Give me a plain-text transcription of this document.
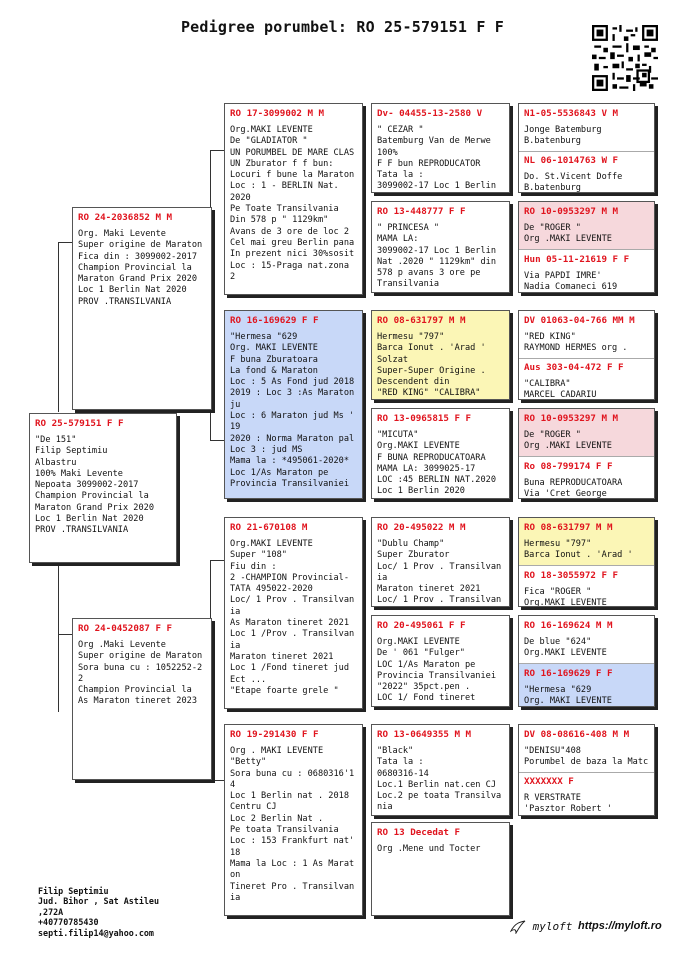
Pedigree porumbel: RO 25-579151 F F
RO 25-579151 F F
"De 151"
Filip Septimiu
Albastru
100% Maki Levente
Nepoata 3099002-2017
Champion Provincial la
Maraton Grand Prix 2020
Loc 1 Berlin Nat 2020
PROV .TRANSILVANIA
RO 24-2036852 M M
Org. Maki Levente
Super origine de Maraton
Fica din : 3099002-2017
Champion Provincial la
Maraton Grand Prix 2020
Loc 1 Berlin Nat 2020
PROV .TRANSILVANIA
RO 24-0452087 F F
Org .Maki Levente
Super origine de Maraton
Sora buna cu : 1052252-2
2
Champion Provincial la
As Maraton tineret 2023
RO 17-3099002 M M
Org.MAKI LEVENTE
De "GLADIATOR "
UN PORUMBEL DE MARE CLAS
UN Zburator f f bun:
Locuri f bune la Maraton
Loc : 1 - BERLIN Nat.
2020
Pe Toate Transilvania
Din 578 p " 1129km"
Avans de 3 ore de loc 2
Cel mai greu Berlin pana
In prezent nici 30%sosit
Loc : 15-Praga nat.zona
2
RO 16-169629 F F
"Hermesa "629
Org. MAKI LEVENTE
F buna Zburatoara
La fond & Maraton
Loc : 5 As Fond jud 2018
2019 : Loc 3 :As Maraton
ju
Loc : 6 Maraton jud Ms '
19
2020 : Norma Maraton pal
Loc 3 : jud MS
Mama la : *495061-2020*
Loc 1/As Maraton pe
Provincia Transilvaniei
RO 21-670108 M
Org.MAKI LEVENTE
Super "108"
Fiu din :
2 -CHAMPION Provincial-
TATA 495022-2020
Loc/ 1 Prov . Transilvan
ia
As Maraton tineret 2021
Loc 1 /Prov . Transilvan
ia
Maraton tineret 2021
Loc 1 /Fond tineret jud
Ect ...
"Etape foarte grele "
RO 19-291430 F F
Org . MAKI LEVENTE
"Betty"
Sora buna cu : 0680316'1
4
Loc 1 Berlin nat . 2018
Centru CJ
Loc 2 Berlin Nat .
Pe toata Transilvania
Loc : 153 Frankfurt nat'
18
Mama la Loc : 1 As Marat
on
Tineret Pro . Transilvan
ia
Dv- 04455-13-2580 V
" CEZAR "
Batemburg Van de Merwe
100%
F F bun REPRODUCATOR
Tata la :
3099002-17 Loc 1 Berlin
RO 13-448777 F F
" PRINCESA "
MAMA LA:
3099002-17 Loc 1 Berlin
Nat .2020 " 1129km" din
578 p avans 3 ore pe
Transilvania
RO 08-631797 M M
Hermesu "797"
Barca Ionut . 'Arad '
Solzat
Super-Super Origine .
Descendent din
"RED KING" "CALIBRA"
RO 13-0965815 F F
"MICUTA"
Org.MAKI LEVENTE
F BUNA REPRODUCATOARA
MAMA LA: 3099025-17
LOC :45 BERLIN NAT.2020
Loc 1 Berlin 2020
RO 20-495022 M M
"Dublu Champ"
Super Zburator
Loc/ 1 Prov . Transilvan
ia
Maraton tineret 2021
Loc/ 1 Prov . Transilvan
RO 20-495061 F F
Org.MAKI LEVENTE
De ' 061 "Fulger"
LOC 1/As Maraton pe
Provincia Transilvaniei
"2022" 35pct.pen .
LOC 1/ Fond tineret
RO 13-0649355 M M
"Black"
Tata la :
0680316-14
Loc.1 Berlin nat.cen CJ
Loc.2 pe toata Transilva
nia
RO 13 Decedat F
Org .Mene und Tocter
N1-05-5536843 V M
Jonge Batemburg
B.batenburg
NL 06-1014763 W F
Do. St.Vicent Doffe
B.batenburg
RO 10-0953297 M M
De "ROGER "
Org .MAKI LEVENTE
Hun 05-11-21619 F F
Via PAPDI IMRE'
Nadia Comaneci 619
DV 01063-04-766 MM M
"RED KING"
RAYMOND HERMES org .
Aus 303-04-472 F F
"CALIBRA"
MARCEL CADARIU
RO 10-0953297 M M
De "ROGER "
Org .MAKI LEVENTE
Ro 08-799174 F F
Buna REPRODUCATOARA
Via 'Cret George
RO 08-631797 M M
Hermesu "797"
Barca Ionut . 'Arad '
RO 18-3055972 F F
Fica "ROGER "
Org.MAKI LEVENTE
RO 16-169624 M M
De blue "624"
Org.MAKI LEVENTE
RO 16-169629 F F
"Hermesa "629
Org. MAKI LEVENTE
DV 08-08616-408 M M
"DENISU"408
Porumbel de baza la Matc
XXXXXXX F
R VERSTRATE
'Pasztor Robert '
Filip Septimiu
Jud. Bihor , Sat Astileu
,272A
+40770785430
septi.filip14@yahoo.com	myloft https://myloft.ro
